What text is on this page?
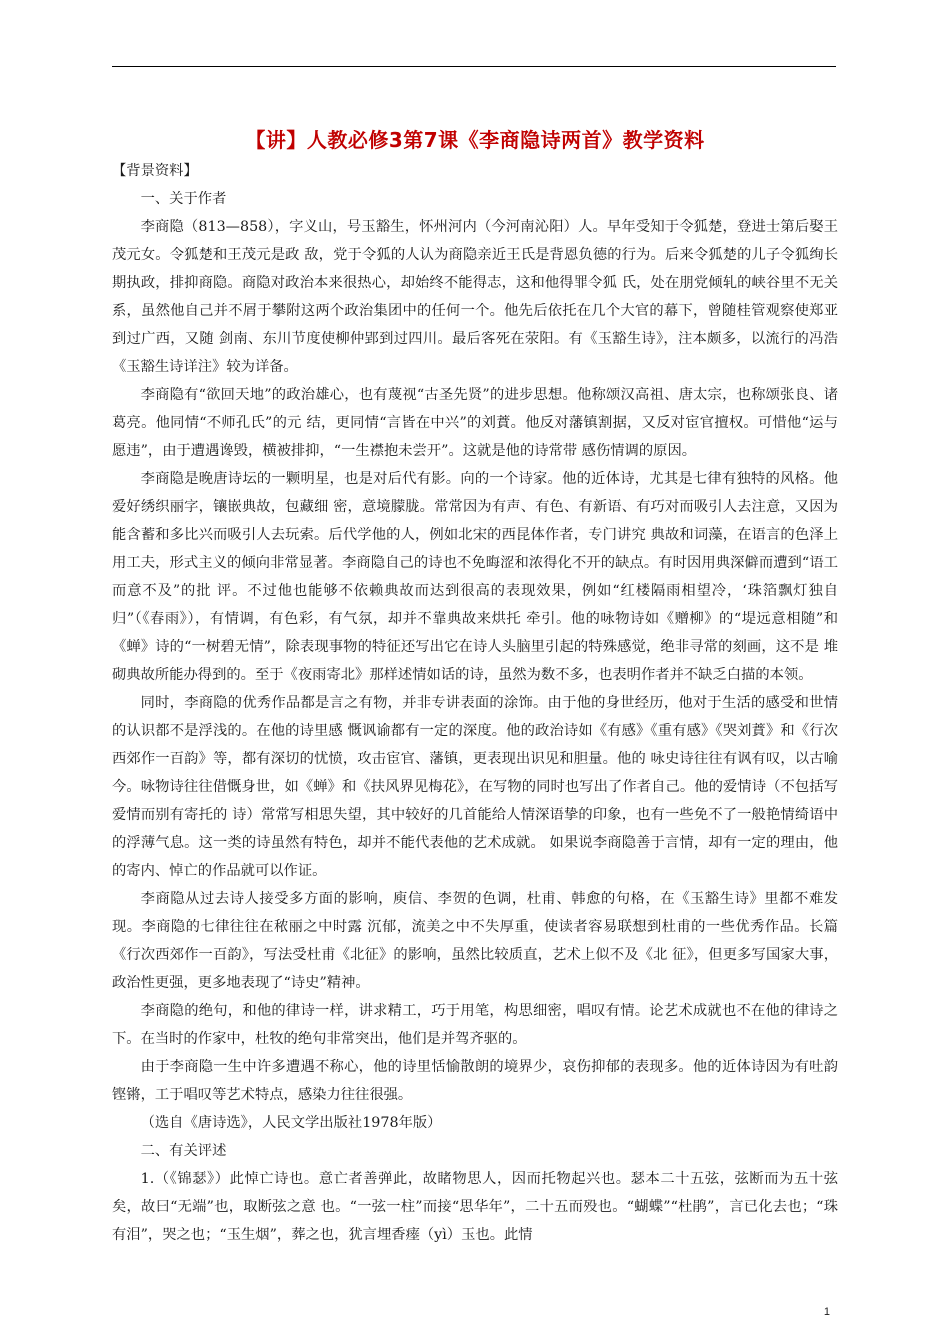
【讲】人教必修3第7课《李商隐诗两首》教学资料

【背景资料】

一、关于作者

李商隐（813—858），字义山，号玉豁生，怀州河内（今河南沁阳）人。早年受知于令狐楚，登进士第后娶王茂元女。令狐楚和王茂元是政 敌，党于令狐的人认为商隐亲近王氏是背恩负德的行为。后来令狐楚的儿子令狐绚长期执政，排抑商隐。商隐对政治本来很热心，却始终不能得志，这和他得罪令狐 氏，处在朋党倾轧的峡谷里不无关系，虽然他自己并不屑于攀附这两个政治集团中的任何一个。他先后依托在几个大官的幕下，曾随桂管观察使郑亚到过广西，又随 剑南、东川节度使柳仲郢到过四川。最后客死在荥阳。有《玉豁生诗》，注本颇多，以流行的冯浩《玉豁生诗详注》较为详备。

李商隐有“欲回天地”的政治雄心，也有蔑视“古圣先贤”的进步思想。他称颂汉高祖、唐太宗，也称颂张良、诸葛亮。他同情“不师孔氏”的元 结，更同情“言皆在中兴”的刘蕡。他反对藩镇割据，又反对宦官擅权。可惜他“运与愿违”，由于遭遇谗毁，横被排抑，“一生襟抱未尝开”。这就是他的诗常带 感伤情调的原因。

李商隐是晚唐诗坛的一颗明星，也是对后代有影。向的一个诗家。他的近体诗，尤其是七律有独特的风格。他爱好绣织丽字，镶嵌典故，包藏细 密，意境朦胧。常常因为有声、有色、有新语、有巧对而吸引人去注意，又因为能含蓄和多比兴而吸引人去玩索。后代学他的人，例如北宋的西昆体作者，专门讲究 典故和词藻，在语言的色泽上用工夫，形式主义的倾向非常显著。李商隐自己的诗也不免晦涩和浓得化不开的缺点。有时因用典深僻而遭到“语工而意不及”的批 评。不过他也能够不依赖典故而达到很高的表现效果，例如“红楼隔雨相望冷，‘珠箔飘灯独自归”（《春雨》），有情调，有色彩，有气氛，却并不靠典故来烘托 牵引。他的咏物诗如《赠柳》的“堤远意相随”和《蝉》诗的“一树碧无情”，除表现事物的特征还写出它在诗人头脑里引起的特殊感觉，绝非寻常的刻画，这不是 堆砌典故所能办得到的。至于《夜雨寄北》那样述情如话的诗，虽然为数不多，也表明作者并不缺乏白描的本领。

同时，李商隐的优秀作品都是言之有物，并非专讲表面的涂饰。由于他的身世经历，他对于生活的感受和世情的认识都不是浮浅的。在他的诗里感 慨讽谕都有一定的深度。他的政治诗如《有感》《重有感》《哭刘蕡》和《行次西郊作一百韵》等，都有深切的忧愤，攻击宦官、藩镇，更表现出识见和胆量。他的 咏史诗往往有讽有叹，以古喻今。咏物诗往往借慨身世，如《蝉》和《扶风界见梅花》，在写物的同时也写出了作者自己。他的爱情诗（不包括写爱情而别有寄托的 诗）常常写相思失望，其中较好的几首能给人情深语挚的印象，也有一些免不了一般艳情绮语中的浮薄气息。这一类的诗虽然有特色，却并不能代表他的艺术成就。 如果说李商隐善于言情，却有一定的理由，他的寄内、悼亡的作品就可以作证。

李商隐从过去诗人接受多方面的影响，庾信、李贺的色调，杜甫、韩愈的句格，在《玉豁生诗》里都不难发现。李商隐的七律往往在秾丽之中时露 沉郁，流美之中不失厚重，使读者容易联想到杜甫的一些优秀作品。长篇《行次西郊作一百韵》，写法受杜甫《北征》的影响，虽然比较质直，艺术上似不及《北 征》，但更多写国家大事，政治性更强，更多地表现了“诗史”精神。

李商隐的绝句，和他的律诗一样，讲求精工，巧于用笔，构思细密，唱叹有情。论艺术成就也不在他的律诗之下。在当时的作家中，杜牧的绝句非常突出，他们是并驾齐驱的。

由于李商隐一生中许多遭遇不称心，他的诗里恬愉散朗的境界少，哀伤抑郁的表现多。他的近体诗因为有吐韵铿锵，工于唱叹等艺术特点，感染力往往很强。

（选自《唐诗选》，人民文学出版社1978年版）

二、有关评述

1.（《锦瑟》）此悼亡诗也。意亡者善弹此，故睹物思人，因而托物起兴也。瑟本二十五弦，弦断而为五十弦矣，故曰“无端”也，取断弦之意 也。“一弦一柱”而接“思华年”，二十五而殁也。“蝴蝶”“杜鹃”，言已化去也；“珠有泪”，哭之也；“玉生烟”，葬之也，犹言埋香瘗（yì）玉也。此情

1
